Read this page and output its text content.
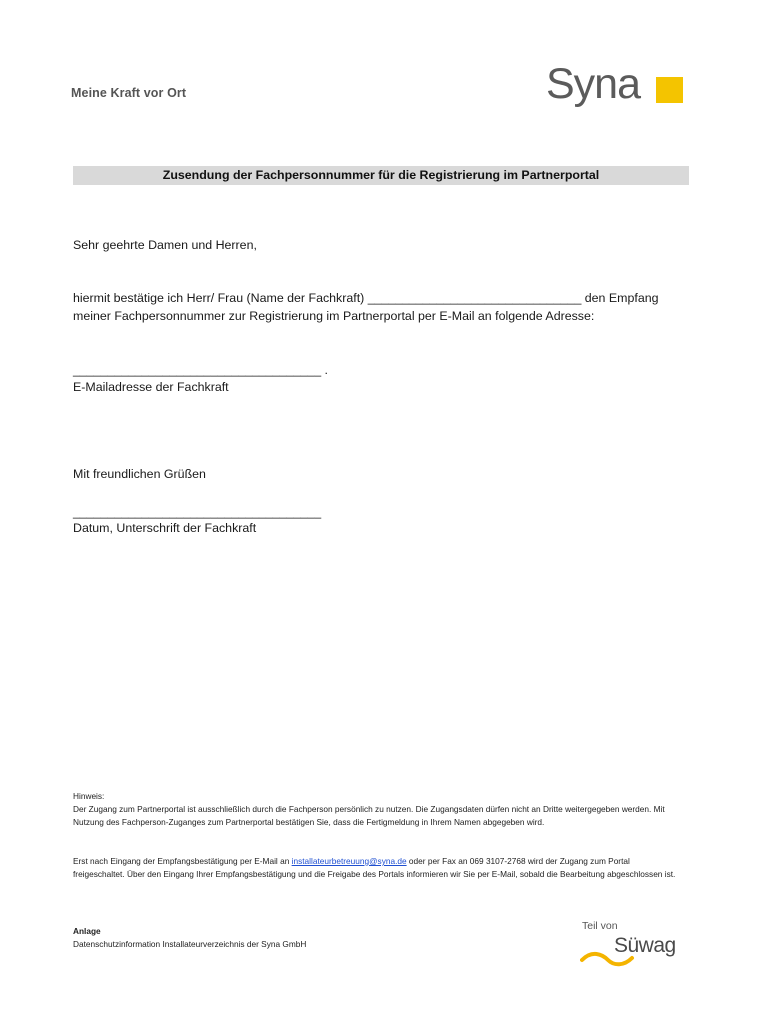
Meine Kraft vor Ort	Syna
Zusendung der Fachpersonnummer für die Registrierung im Partnerportal
Sehr geehrte Damen und Herren,
hiermit bestätige ich Herr/ Frau (Name der Fachkraft) _______________________________ den Empfang meiner Fachpersonnummer zur Registrierung im Partnerportal per E-Mail an folgende Adresse:
____________________________________ .
E-Mailadresse der Fachkraft
Mit freundlichen Grüßen
____________________________________
Datum, Unterschrift der Fachkraft
Hinweis:
Der Zugang zum Partnerportal ist ausschließlich durch die Fachperson persönlich zu nutzen. Die Zugangsdaten dürfen nicht an Dritte weitergegeben werden. Mit Nutzung des Fachperson-Zuganges zum Partnerportal bestätigen Sie, dass die Fertigmeldung in Ihrem Namen abgegeben wird.
Erst nach Eingang der Empfangsbestätigung per E-Mail an installateurbetreuung@syna.de oder per Fax an 069 3107-2768 wird der Zugang zum Portal freigeschaltet. Über den Eingang Ihrer Empfangsbestätigung und die Freigabe des Portals informieren wir Sie per E-Mail, sobald die Bearbeitung abgeschlossen ist.
Anlage
Datenschutzinformation Installateurverzeichnis der Syna GmbH
Teil von
Süwag
